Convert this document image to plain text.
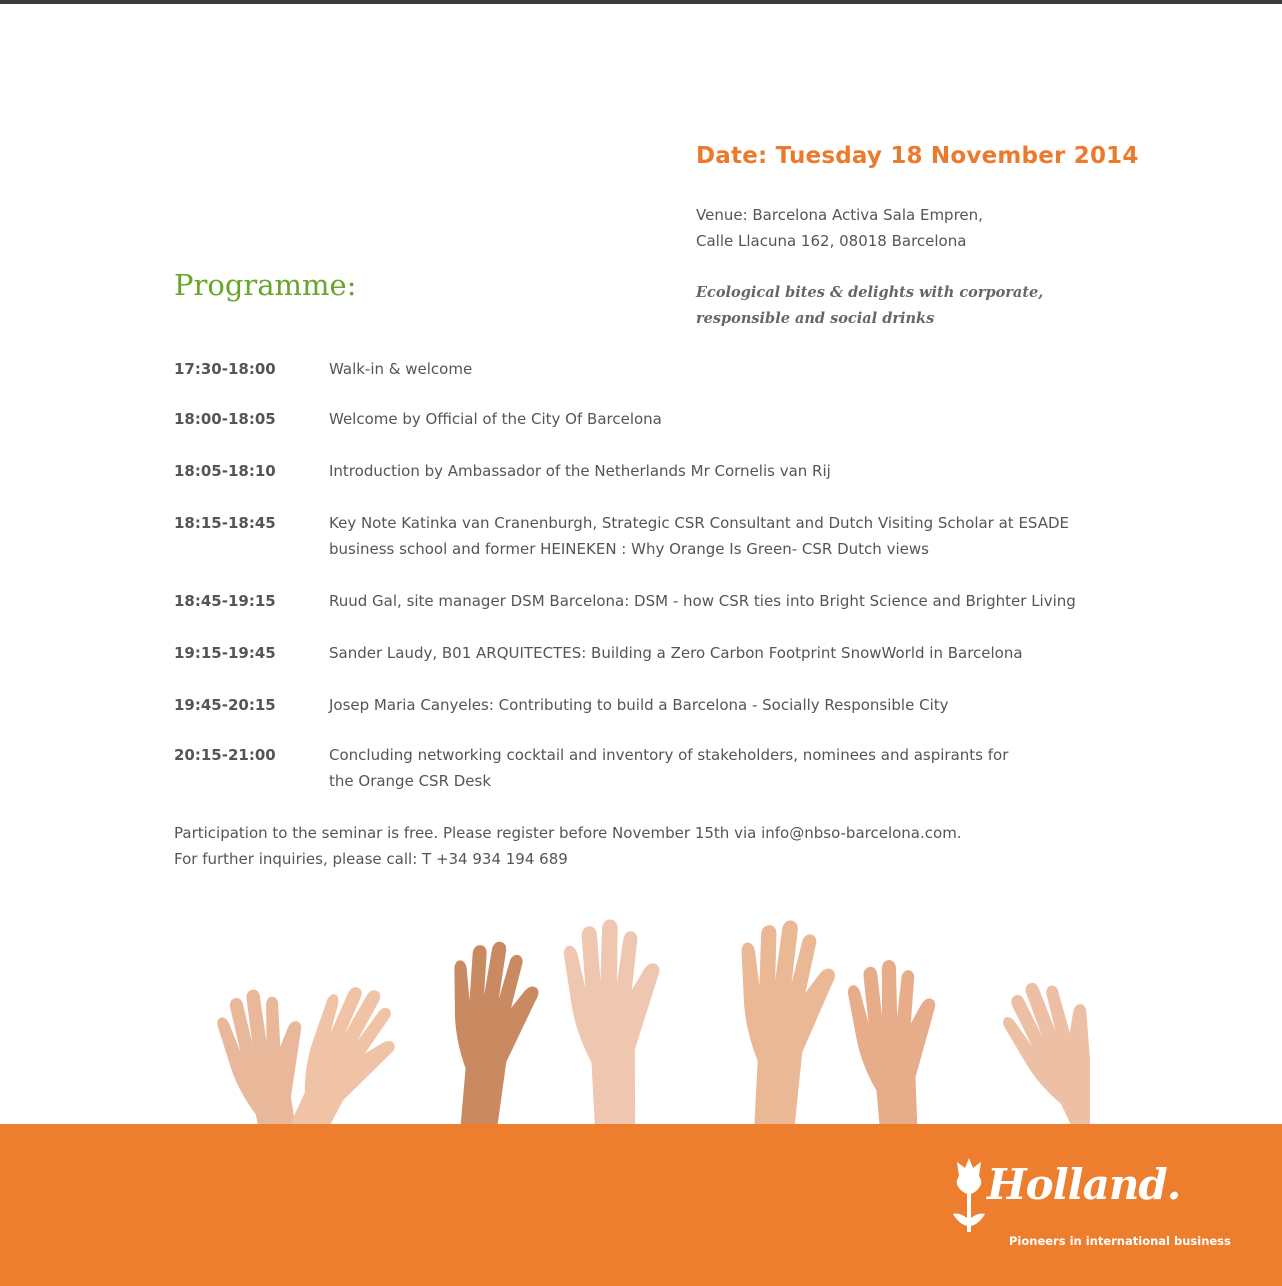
Date: Tuesday 18 November 2014
Venue: Barcelona Activa Sala Empren,
Calle Llacuna 162, 08018 Barcelona
Programme:	Ecological bites & delights with corporate,
responsible and social drinks
17:30-18:00	Walk-in & welcome
18:00-18:05	Welcome by Official of the City Of Barcelona
18:05-18:10	Introduction by Ambassador of the Netherlands Mr Cornelis van Rij
18:15-18:45	Key Note Katinka van Cranenburgh, Strategic CSR Consultant and Dutch Visiting Scholar at ESADE
business school and former HEINEKEN : Why Orange Is Green- CSR Dutch views
18:45-19:15	Ruud Gal, site manager DSM Barcelona: DSM - how CSR ties into Bright Science and Brighter Living
19:15-19:45	Sander Laudy, B01 ARQUITECTES: Building a Zero Carbon Footprint SnowWorld in Barcelona
19:45-20:15	Josep Maria Canyeles: Contributing to build a Barcelona - Socially Responsible City
20:15-21:00	Concluding networking cocktail and inventory of stakeholders, nominees and aspirants for
the Orange CSR Desk
Participation to the seminar is free. Please register before November 15th via info@nbso-barcelona.com.
For further inquiries, please call: T +34 934 194 689
Holland.
Pioneers in international business
